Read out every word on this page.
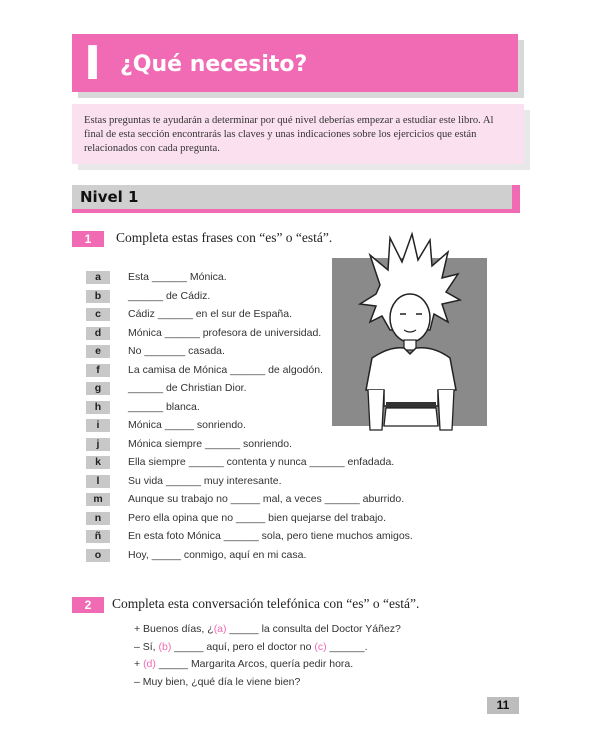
I ¿Qué necesito?

Estas preguntas te ayudarán a determinar por qué nivel deberías empezar a estudiar este libro. Al final de esta sección encontrarás las claves y unas indicaciones sobre los ejercicios que están relacionados con cada pregunta.

Nivel 1
1	Completa estas frases con “es” o “está”.
a	Esta ______ Mónica.
b	______ de Cádiz.
c	Cádiz ______ en el sur de España.
d	Mónica ______ profesora de universidad.
e	No _______ casada.
f	La camisa de Mónica ______ de algodón.
g	______ de Christian Dior.
h	______ blanca.
i	Mónica _____ sonriendo.
j	Mónica siempre ______ sonriendo.
k	Ella siempre ______ contenta y nunca ______ enfadada.
l	Su vida ______ muy interesante.
m	Aunque su trabajo no _____ mal, a veces ______ aburrido.
n	Pero ella opina que no _____ bien quejarse del trabajo.
ñ	En esta foto Mónica ______ sola, pero tiene muchos amigos.
o	Hoy, _____ conmigo, aquí en mi casa.
2	Completa esta conversación telefónica con “es” o “está”.
+ Buenos días, ¿(a) _____ la consulta del Doctor Yáñez?
– Sí, (b) _____ aquí, pero el doctor no (c) ______.
+ (d) _____ Margarita Arcos, quería pedir hora.
– Muy bien, ¿qué día le viene bien?
11
